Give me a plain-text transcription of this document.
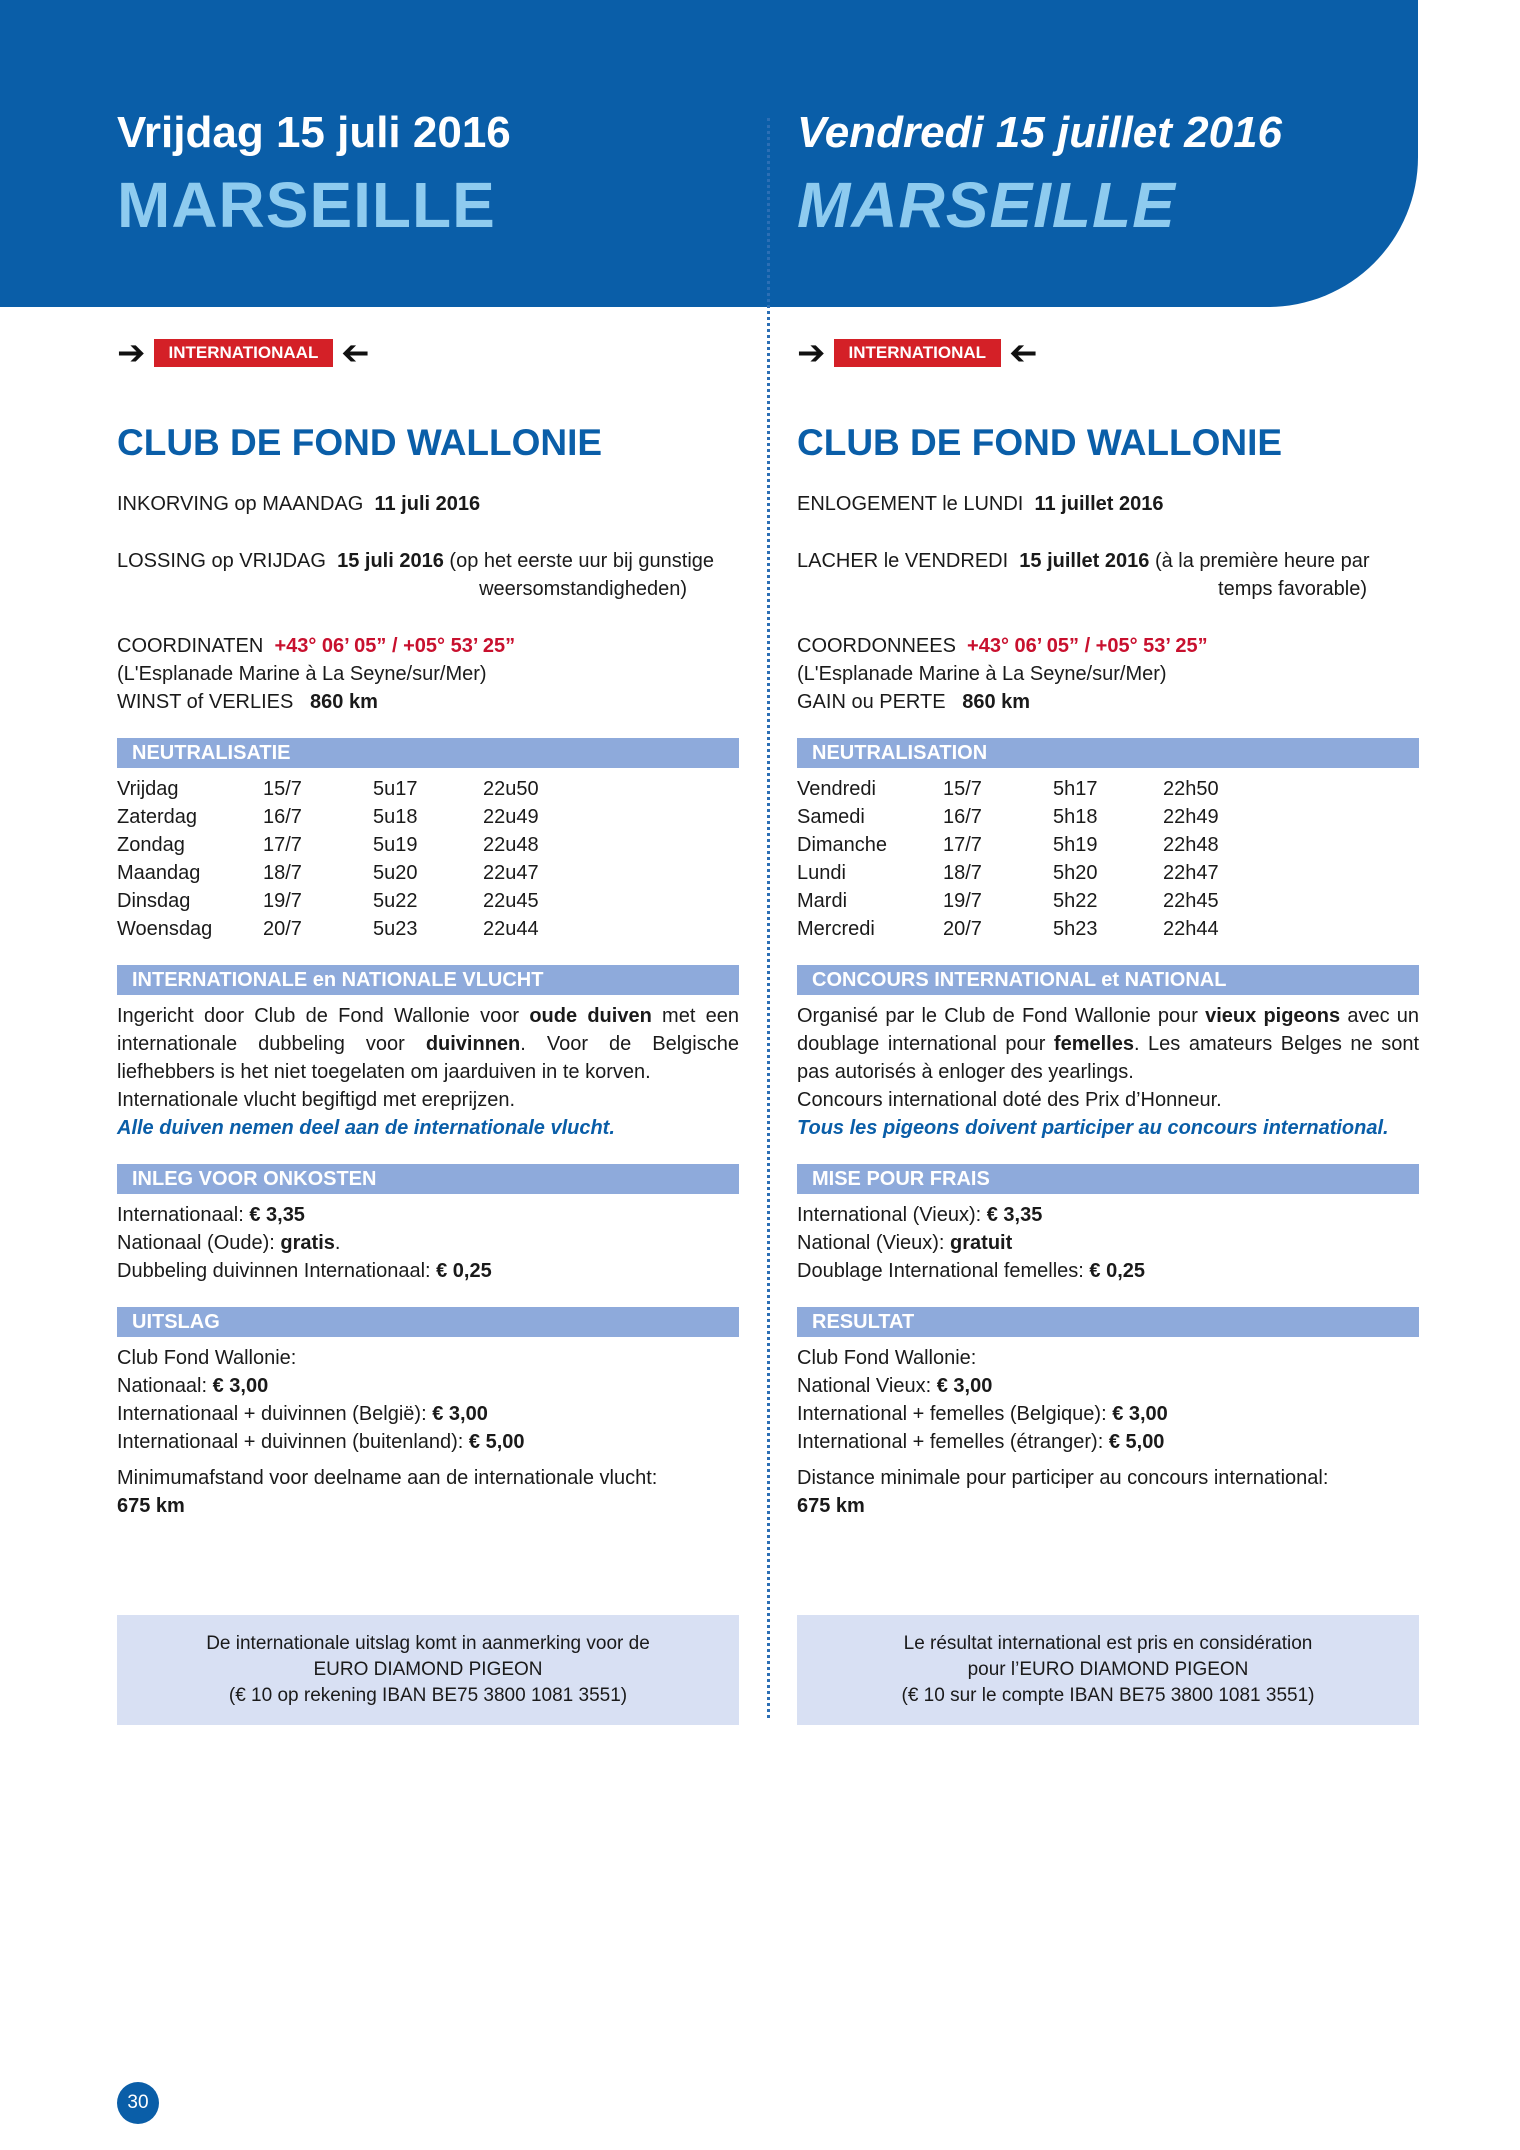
Vrijdag 15 juli 2016
MARSEILLE
➔	INTERNATIONAAL ➔
CLUB DE FOND WALLONIE

INKORVING op MAANDAG 11 juli 2016

LOSSING op VRIJDAG 15 juli 2016 (op het eerste uur bij gunstige
weersomstandigheden)

COORDINATEN +43° 06’ 05” / +05° 53’ 25”

(L'Esplanade Marine à La Seyne/sur/Mer)

WINST of VERLIES 860 km

NEUTRALISATIE
Vrijdag	15/7	5u17	22u50
Zaterdag	16/7	5u18	22u49
Zondag	17/7	5u19	22u48
Maandag	18/7	5u20	22u47
Dinsdag	19/7	5u22	22u45
Woensdag	20/7	5u23	22u44
INTERNATIONALE en NATIONALE VLUCHT

Ingericht door Club de Fond Wallonie voor oude duiven met een internationale dubbeling voor duivinnen. Voor de Belgische liefhebbers is het niet toegelaten om jaarduiven in te korven.

Internationale vlucht begiftigd met ereprijzen.

Alle duiven nemen deel aan de internationale vlucht.

INLEG VOOR ONKOSTEN

Internationaal: € 3,35

Nationaal (Oude): gratis.

Dubbeling duivinnen Internationaal: € 0,25

UITSLAG

Club Fond Wallonie:

Nationaal: € 3,00

Internationaal + duivinnen (België): € 3,00

Internationaal + duivinnen (buitenland): € 5,00

Minimumafstand voor deelname aan de internationale vlucht:

675 km

De internationale uitslag komt in aanmerking voor de
EURO DIAMOND PIGEON
(€ 10 op rekening IBAN BE75 3800 1081 3551)
Vendredi 15 juillet 2016
MARSEILLE
➔	INTERNATIONAL ➔
CLUB DE FOND WALLONIE

ENLOGEMENT le LUNDI 11 juillet 2016

LACHER le VENDREDI 15 juillet 2016 (à la première heure par
temps favorable)

COORDONNEES +43° 06’ 05” / +05° 53’ 25”

(L'Esplanade Marine à La Seyne/sur/Mer)

GAIN ou PERTE 860 km

NEUTRALISATION
Vendredi	15/7	5h17	22h50
Samedi	16/7	5h18	22h49
Dimanche	17/7	5h19	22h48
Lundi	18/7	5h20	22h47
Mardi	19/7	5h22	22h45
Mercredi	20/7	5h23	22h44
CONCOURS INTERNATIONAL et NATIONAL

Organisé par le Club de Fond Wallonie pour vieux pigeons avec un doublage international pour femelles. Les amateurs Belges ne sont pas autorisés à enloger des yearlings.

Concours international doté des Prix d’Honneur.

Tous les pigeons doivent participer au concours international.

MISE POUR FRAIS

International (Vieux): € 3,35

National (Vieux): gratuit

Doublage International femelles: € 0,25

RESULTAT

Club Fond Wallonie:

National Vieux: € 3,00

International + femelles (Belgique): € 3,00

International + femelles (étranger): € 5,00

Distance minimale pour participer au concours international:

675 km

Le résultat international est pris en considération
pour l’EURO DIAMOND PIGEON
(€ 10 sur le compte IBAN BE75 3800 1081 3551)
30
